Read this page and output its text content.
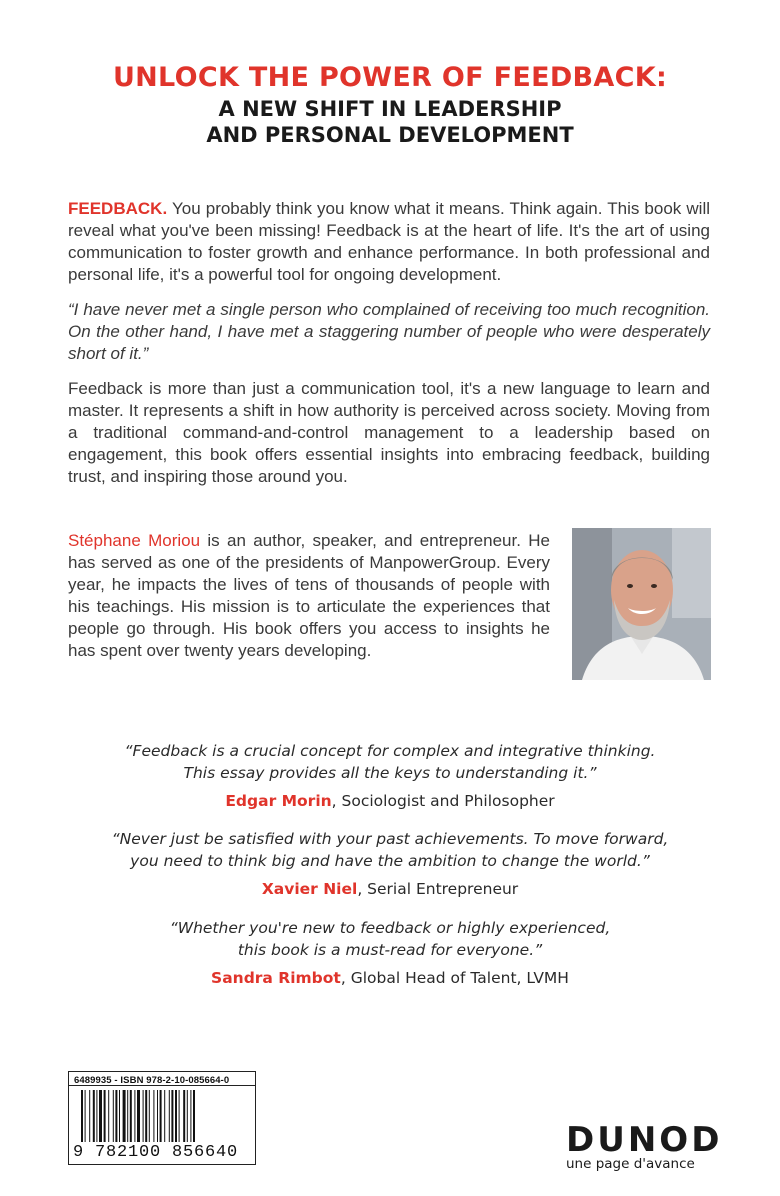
UNLOCK THE POWER OF FEEDBACK:
A NEW SHIFT IN LEADERSHIP
AND PERSONAL DEVELOPMENT

FEEDBACK. You probably think you know what it means. Think again. This book will reveal what you've been missing! Feedback is at the heart of life. It's the art of using communication to foster growth and enhance performance. In both professional and personal life, it's a powerful tool for ongoing development.

“I have never met a single person who complained of receiving too much recognition. On the other hand, I have met a staggering number of people who were desperately short of it.”

Feedback is more than just a communication tool, it's a new language to learn and master. It represents a shift in how authority is perceived across society. Moving from a traditional command-and-control management to a leadership based on engagement, this book offers essential insights into embracing feedback, building trust, and inspiring those around you.

Stéphane Moriou is an author, speaker, and entrepreneur. He has served as one of the presidents of ManpowerGroup. Every year, he impacts the lives of tens of thousands of people with his teachings. His mission is to articulate the experiences that people go through. His book offers you access to insights he has spent over twenty years developing.

“Feedback is a crucial concept for complex and integrative thinking.
This essay provides all the keys to understanding it.”

Edgar Morin, Sociologist and Philosopher

“Never just be satisfied with your past achievements. To move forward,
you need to think big and have the ambition to change the world.”

Xavier Niel, Serial Entrepreneur

“Whether you're new to feedback or highly experienced,
this book is a must-read for everyone.”

Sandra Rimbot, Global Head of Talent, LVMH

6489935 - ISBN 978-2-10-085664-0
9 782100 856640	DUNOD
une page d'avance
